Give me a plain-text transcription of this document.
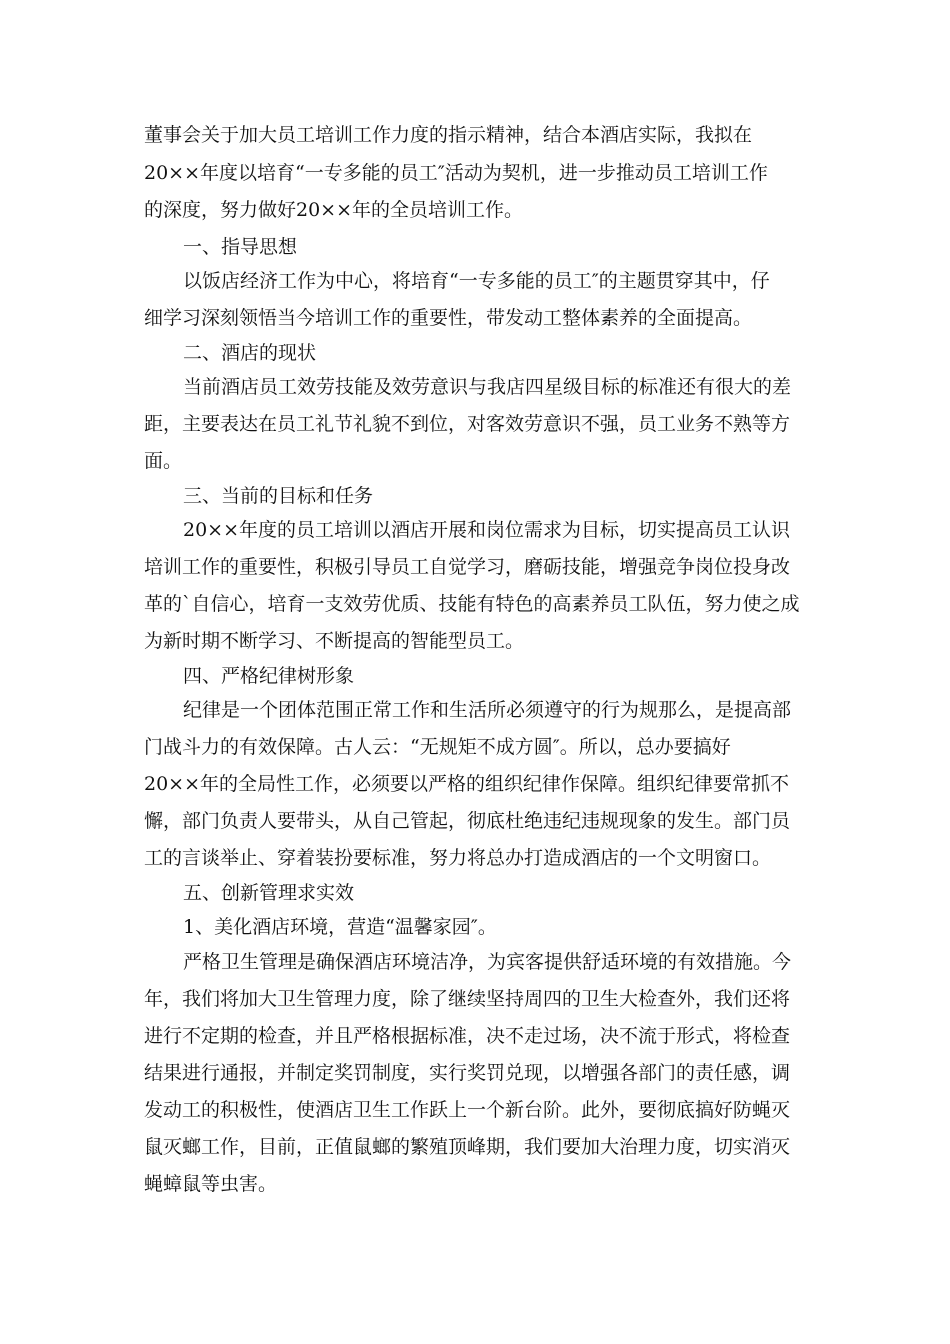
董事会关于加大员工培训工作力度的指示精神，结合本酒店实际，我拟在
20××年度以培育“一专多能的员工″活动为契机，进一步推动员工培训工作
的深度，努力做好20××年的全员培训工作。
一、指导思想
以饭店经济工作为中心，将培育“一专多能的员工″的主题贯穿其中，仔
细学习深刻领悟当今培训工作的重要性，带发动工整体素养的全面提高。
二、酒店的现状
当前酒店员工效劳技能及效劳意识与我店四星级目标的标准还有很大的差
距，主要表达在员工礼节礼貌不到位，对客效劳意识不强，员工业务不熟等方
面。
三、当前的目标和任务
20××年度的员工培训以酒店开展和岗位需求为目标，切实提高员工认识
培训工作的重要性，积极引导员工自觉学习，磨砺技能，增强竞争岗位投身改
革的`自信心，培育一支效劳优质、技能有特色的高素养员工队伍，努力使之成
为新时期不断学习、不断提高的智能型员工。
四、严格纪律树形象
纪律是一个团体范围正常工作和生活所必须遵守的行为规那么，是提高部
门战斗力的有效保障。古人云：“无规矩不成方圆″。所以，总办要搞好
20××年的全局性工作，必须要以严格的组织纪律作保障。组织纪律要常抓不
懈，部门负责人要带头，从自己管起，彻底杜绝违纪违规现象的发生。部门员
工的言谈举止、穿着装扮要标准，努力将总办打造成酒店的一个文明窗口。
五、创新管理求实效
1、美化酒店环境，营造“温馨家园″。
严格卫生管理是确保酒店环境洁净，为宾客提供舒适环境的有效措施。今
年，我们将加大卫生管理力度，除了继续坚持周四的卫生大检查外，我们还将
进行不定期的检查，并且严格根据标准，决不走过场，决不流于形式，将检查
结果进行通报，并制定奖罚制度，实行奖罚兑现，以增强各部门的责任感，调
发动工的积极性，使酒店卫生工作跃上一个新台阶。此外，要彻底搞好防蝇灭
鼠灭螂工作，目前，正值鼠螂的繁殖顶峰期，我们要加大治理力度，切实消灭
蝇蟑鼠等虫害。
